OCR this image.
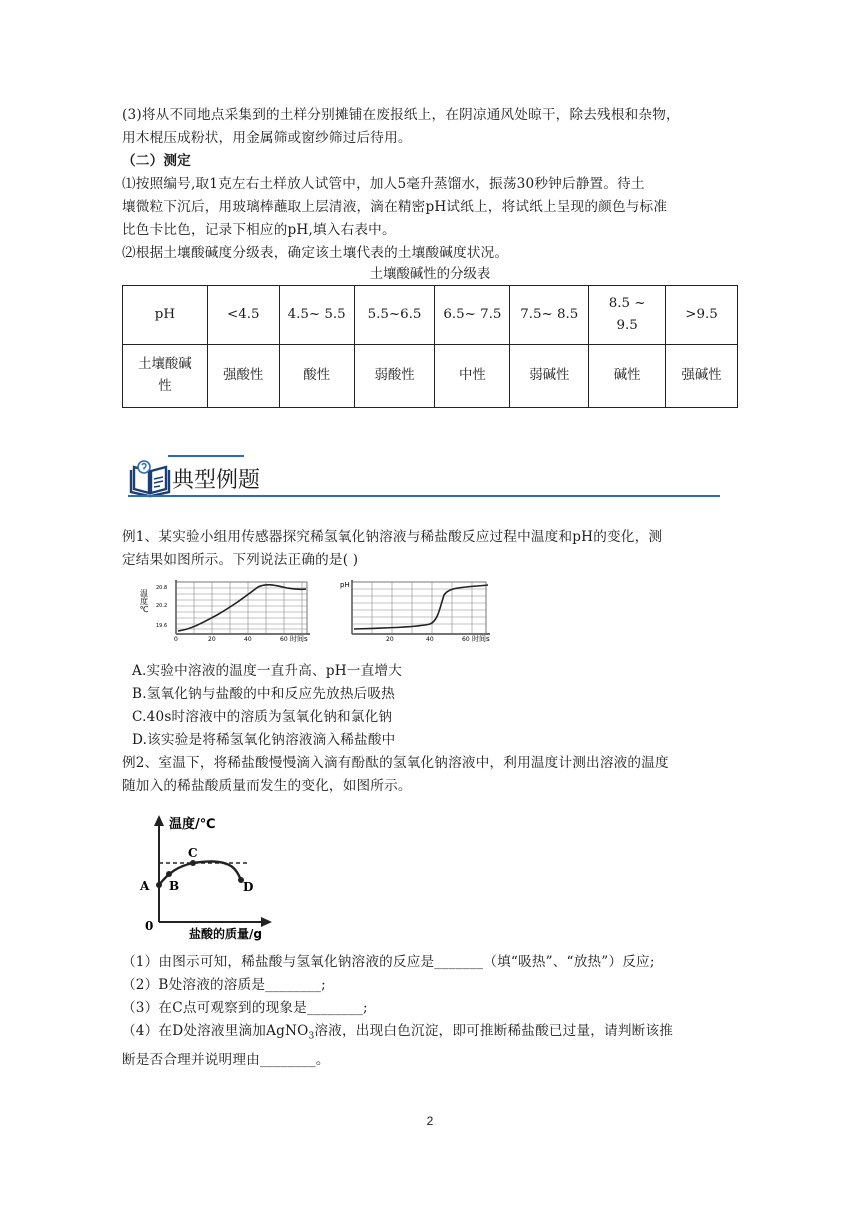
(3)将从不同地点采集到的土样分别摊铺在废报纸上，在阴凉通风处晾干，除去残根和杂物，
用木棍压成粉状，用金属筛或窗纱筛过后待用。
（二）测定
⑴按照编号,取1克左右土样放人试管中，加人5毫升蒸馏水，振荡30秒钟后静置。待土
壤微粒下沉后，用玻璃棒蘸取上层清液，滴在精密pH试纸上，将试纸上呈现的颜色与标准
比色卡比色，记录下相应的pH,填入右表中。
⑵根据土壤酸碱度分级表，确定该土壤代表的土壤酸碱度状况。
土壤酸碱性的分级表
pH	<4.5	4.5~ 5.5	5.5~6.5	6.5~ 7.5	7.5~ 8.5	8.5 ~
9.5	>9.5

土壤酸碱
性	强酸性	酸性	弱酸性	中性	弱碱性	碱性	强碱性
典型例题
例1、某实验小组用传感器探究稀氢氧化钠溶液与稀盐酸反应过程中温度和pH的变化，测
定结果如图所示。下列说法正确的是( )
温度℃
20.8
20.2
19.6
0	20	40	60 时间s
pH
20	40	60 时间s
A.实验中溶液的温度一直升高、pH一直增大
B.氢氧化钠与盐酸的中和反应先放热后吸热
C.40s时溶液中的溶质为氢氧化钠和氯化钠
D.该实验是将稀氢氧化钠溶液滴入稀盐酸中
例2、室温下，将稀盐酸慢慢滴入滴有酚酞的氢氧化钠溶液中，利用温度计测出溶液的温度
随加入的稀盐酸质量而发生的变化，如图所示。
A B
C
D
0
温度/℃
盐酸的质量/g
（1）由图示可知，稀盐酸与氢氧化钠溶液的反应是_______（填“吸热”、“放热”）反应;
（2）B处溶液的溶质是________;
（3）在C点可观察到的现象是________;
（4）在D处溶液里滴加AgNO$_3$溶液，出现白色沉淀，即可推断稀盐酸已过量，请判断该推
断是否合理并说明理由________。
2
